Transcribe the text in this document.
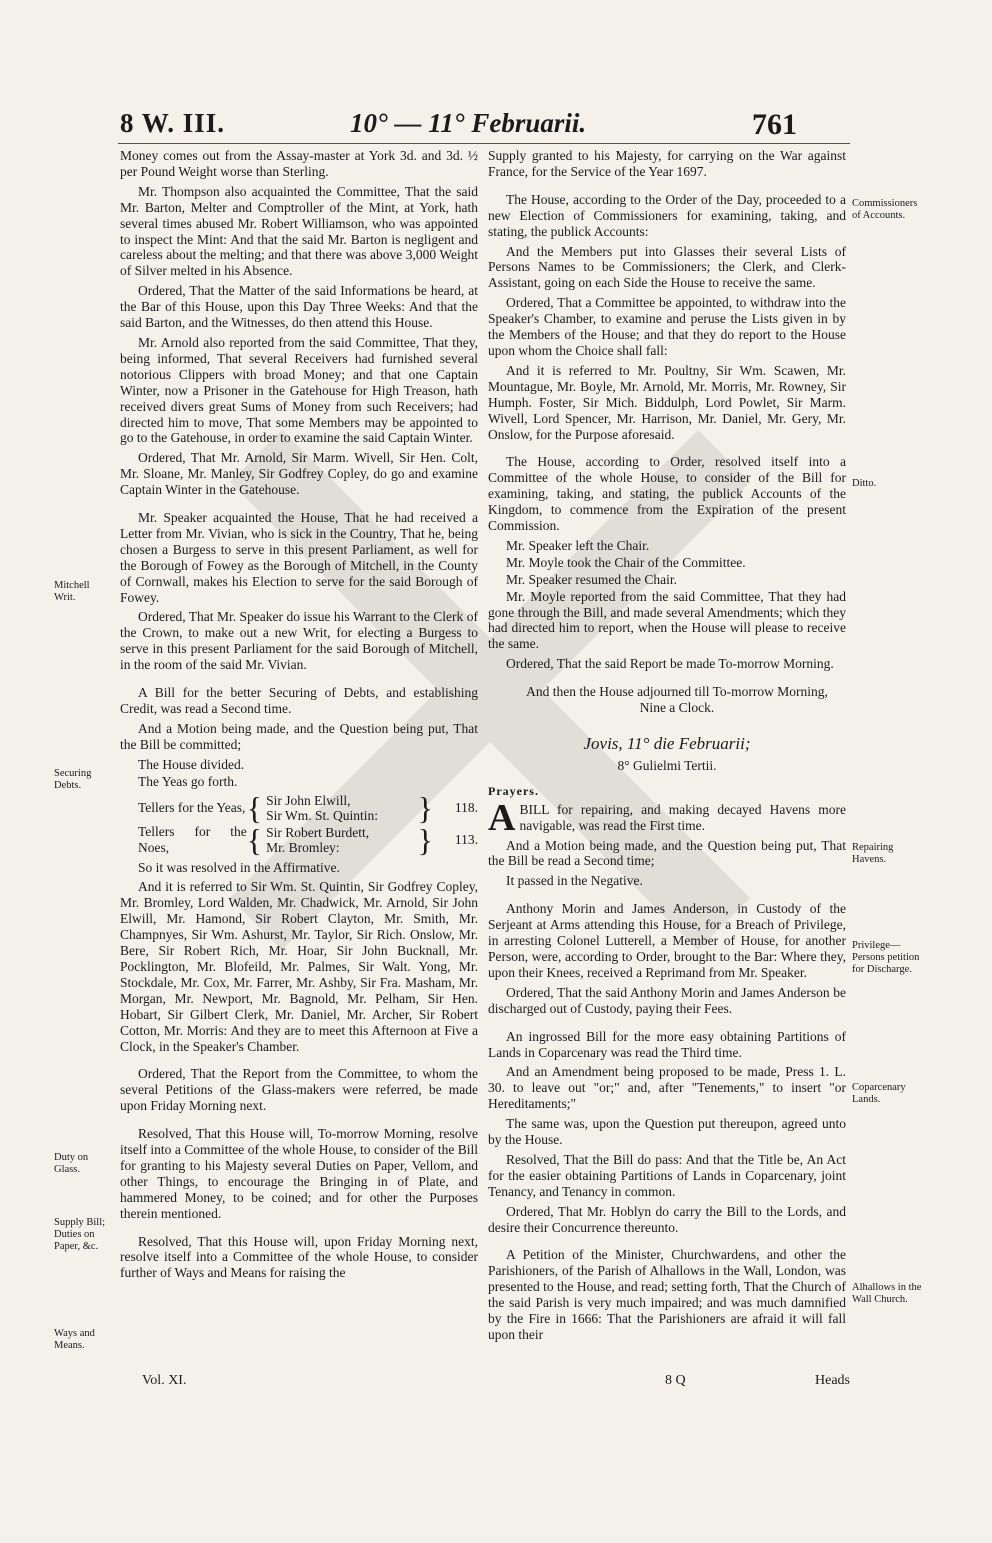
8 W. III.	10° — 11° Februarii.	761

Money comes out from the Assay-master at York 3d. and 3d. ½ per Pound Weight worse than Sterling.

Mr. Thompson also acquainted the Committee, That the said Mr. Barton, Melter and Comptroller of the Mint, at York, hath several times abused Mr. Robert Williamson, who was appointed to inspect the Mint: And that the said Mr. Barton is negligent and careless about the melting; and that there was above 3,000 Weight of Silver melted in his Absence.

Ordered, That the Matter of the said Informations be heard, at the Bar of this House, upon this Day Three Weeks: And that the said Barton, and the Witnesses, do then attend this House.

Mr. Arnold also reported from the said Committee, That they, being informed, That several Receivers had furnished several notorious Clippers with broad Money; and that one Captain Winter, now a Prisoner in the Gatehouse for High Treason, hath received divers great Sums of Money from such Receivers; had directed him to move, That some Members may be appointed to go to the Gatehouse, in order to examine the said Captain Winter.

Ordered, That Mr. Arnold, Sir Marm. Wivell, Sir Hen. Colt, Mr. Sloane, Mr. Manley, Sir Godfrey Copley, do go and examine Captain Winter in the Gatehouse.

Mr. Speaker acquainted the House, That he had received a Letter from Mr. Vivian, who is sick in the Country, That he, being chosen a Burgess to serve in this present Parliament, as well for the Borough of Fowey as the Borough of Mitchell, in the County of Cornwall, makes his Election to serve for the said Borough of Fowey.

Ordered, That Mr. Speaker do issue his Warrant to the Clerk of the Crown, to make out a new Writ, for electing a Burgess to serve in this present Parliament for the said Borough of Mitchell, in the room of the said Mr. Vivian.

A Bill for the better Securing of Debts, and establishing Credit, was read a Second time.

And a Motion being made, and the Question being put, That the Bill be committed;

The House divided.

The Yeas go forth.

Tellers for the Yeas, { Sir John Elwill,
Sir Wm. St. Quintin:	} 118.
Tellers for the Noes,	{ Sir Robert Burdett,
Mr. Bromley:	} 113.

So it was resolved in the Affirmative.

And it is referred to Sir Wm. St. Quintin, Sir Godfrey Copley, Mr. Bromley, Lord Walden, Mr. Chadwick, Mr. Arnold, Sir John Elwill, Mr. Hamond, Sir Robert Clayton, Mr. Smith, Mr. Champnyes, Sir Wm. Ashurst, Mr. Taylor, Sir Rich. Onslow, Mr. Bere, Sir Robert Rich, Mr. Hoar, Sir John Bucknall, Mr. Pocklington, Mr. Blofeild, Mr. Palmes, Sir Walt. Yong, Mr. Stockdale, Mr. Cox, Mr. Farrer, Mr. Ashby, Sir Fra. Masham, Mr. Morgan, Mr. Newport, Mr. Bagnold, Mr. Pelham, Sir Hen. Hobart, Sir Gilbert Clerk, Mr. Daniel, Mr. Archer, Sir Robert Cotton, Mr. Morris: And they are to meet this Afternoon at Five a Clock, in the Speaker's Chamber.

Ordered, That the Report from the Committee, to whom the several Petitions of the Glass-makers were referred, be made upon Friday Morning next.

Resolved, That this House will, To-morrow Morning, resolve itself into a Committee of the whole House, to consider of the Bill for granting to his Majesty several Duties on Paper, Vellom, and other Things, to encourage the Bringing in of Plate, and hammered Money, to be coined; and for other the Purposes therein mentioned.

Resolved, That this House will, upon Friday Morning next, resolve itself into a Committee of the whole House, to consider further of Ways and Means for raising the

Mitchell Writ.
Securing Debts.
Duty on Glass.
Supply Bill; Duties on Paper, &c.
Ways and Means.

Supply granted to his Majesty, for carrying on the War against France, for the Service of the Year 1697.

The House, according to the Order of the Day, proceeded to a new Election of Commissioners for examining, taking, and stating, the publick Accounts:

And the Members put into Glasses their several Lists of Persons Names to be Commissioners; the Clerk, and Clerk-Assistant, going on each Side the House to receive the same.

Ordered, That a Committee be appointed, to withdraw into the Speaker's Chamber, to examine and peruse the Lists given in by the Members of the House; and that they do report to the House upon whom the Choice shall fall:

And it is referred to Mr. Poultny, Sir Wm. Scawen, Mr. Mountague, Mr. Boyle, Mr. Arnold, Mr. Morris, Mr. Rowney, Sir Humph. Foster, Sir Mich. Biddulph, Lord Powlet, Sir Marm. Wivell, Lord Spencer, Mr. Harrison, Mr. Daniel, Mr. Gery, Mr. Onslow, for the Purpose aforesaid.

The House, according to Order, resolved itself into a Committee of the whole House, to consider of the Bill for examining, taking, and stating, the publick Accounts of the Kingdom, to commence from the Expiration of the present Commission.

Mr. Speaker left the Chair.

Mr. Moyle took the Chair of the Committee.

Mr. Speaker resumed the Chair.

Mr. Moyle reported from the said Committee, That they had gone through the Bill, and made several Amendments; which they had directed him to report, when the House will please to receive the same.

Ordered, That the said Report be made To-morrow Morning.

And then the House adjourned till To-morrow Morning, Nine a Clock.

Jovis, 11° die Februarii;
8° Gulielmi Tertii.
Prayers.

ABILL for repairing, and making decayed Havens more navigable, was read the First time.

And a Motion being made, and the Question being put, That the Bill be read a Second time;

It passed in the Negative.

Anthony Morin and James Anderson, in Custody of the Serjeant at Arms attending this House, for a Breach of Privilege, in arresting Colonel Lutterell, a Member of House, for another Person, were, according to Order, brought to the Bar: Where they, upon their Knees, received a Reprimand from Mr. Speaker.

Ordered, That the said Anthony Morin and James Anderson be discharged out of Custody, paying their Fees.

An ingrossed Bill for the more easy obtaining Partitions of Lands in Coparcenary was read the Third time.

And an Amendment being proposed to be made, Press 1. L. 30. to leave out "or;" and, after "Tenements," to insert "or Hereditaments;"

The same was, upon the Question put thereupon, agreed unto by the House.

Resolved, That the Bill do pass: And that the Title be, An Act for the easier obtaining Partitions of Lands in Coparcenary, joint Tenancy, and Tenancy in common.

Ordered, That Mr. Hoblyn do carry the Bill to the Lords, and desire their Concurrence thereunto.

A Petition of the Minister, Churchwardens, and other the Parishioners, of the Parish of Alhallows in the Wall, London, was presented to the House, and read; setting forth, That the Church of the said Parish is very much impaired; and was much damnified by the Fire in 1666: That the Parishioners are afraid it will fall upon their

Commissioners of Accounts.
Ditto.
Repairing Havens.
Privilege— Persons petition for Discharge.
Coparcenary Lands.
Alhallows in the Wall Church.
Vol. XI.	8 Q	Heads
